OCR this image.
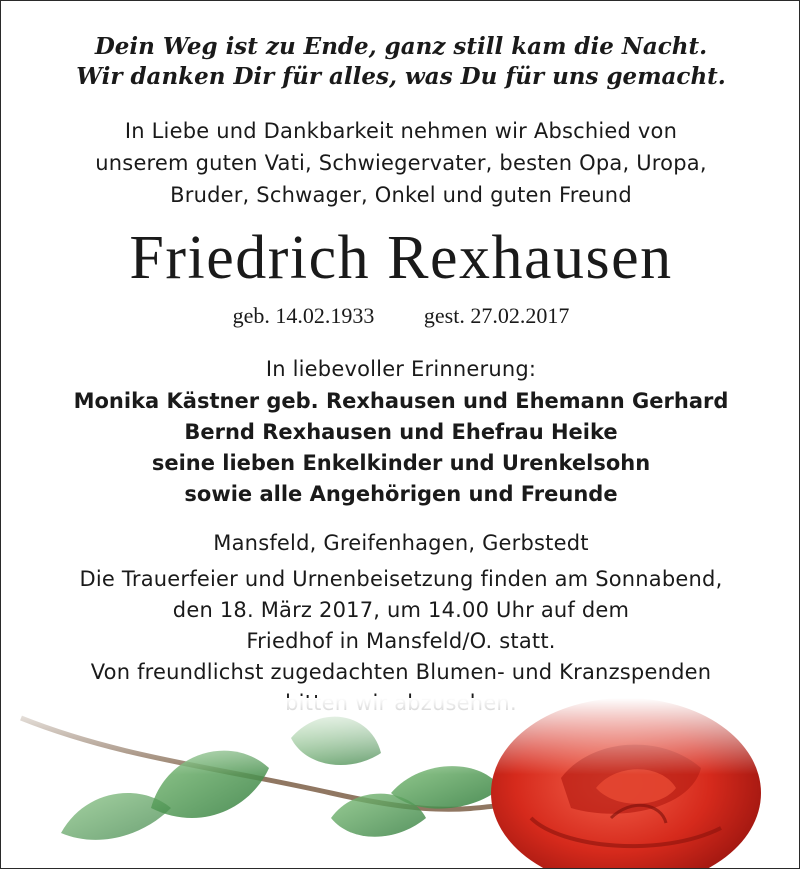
Dein Weg ist zu Ende, ganz still kam die Nacht.
Wir danken Dir für alles, was Du für uns gemacht.
In Liebe und Dankbarkeit nehmen wir Abschied von
unserem guten Vati, Schwiegervater, besten Opa, Uropa,
Bruder, Schwager, Onkel und guten Freund
Friedrich Rexhausen
geb. 14.02.1933 gest. 27.02.2017
In liebevoller Erinnerung:
Monika Kästner geb. Rexhausen und Ehemann Gerhard
Bernd Rexhausen und Ehefrau Heike
seine lieben Enkelkinder und Urenkelsohn
sowie alle Angehörigen und Freunde
Mansfeld, Greifenhagen, Gerbstedt
Die Trauerfeier und Urnenbeisetzung finden am Sonnabend,
den 18. März 2017, um 14.00 Uhr auf dem
Friedhof in Mansfeld/O. statt.
Von freundlichst zugedachten Blumen- und Kranzspenden
